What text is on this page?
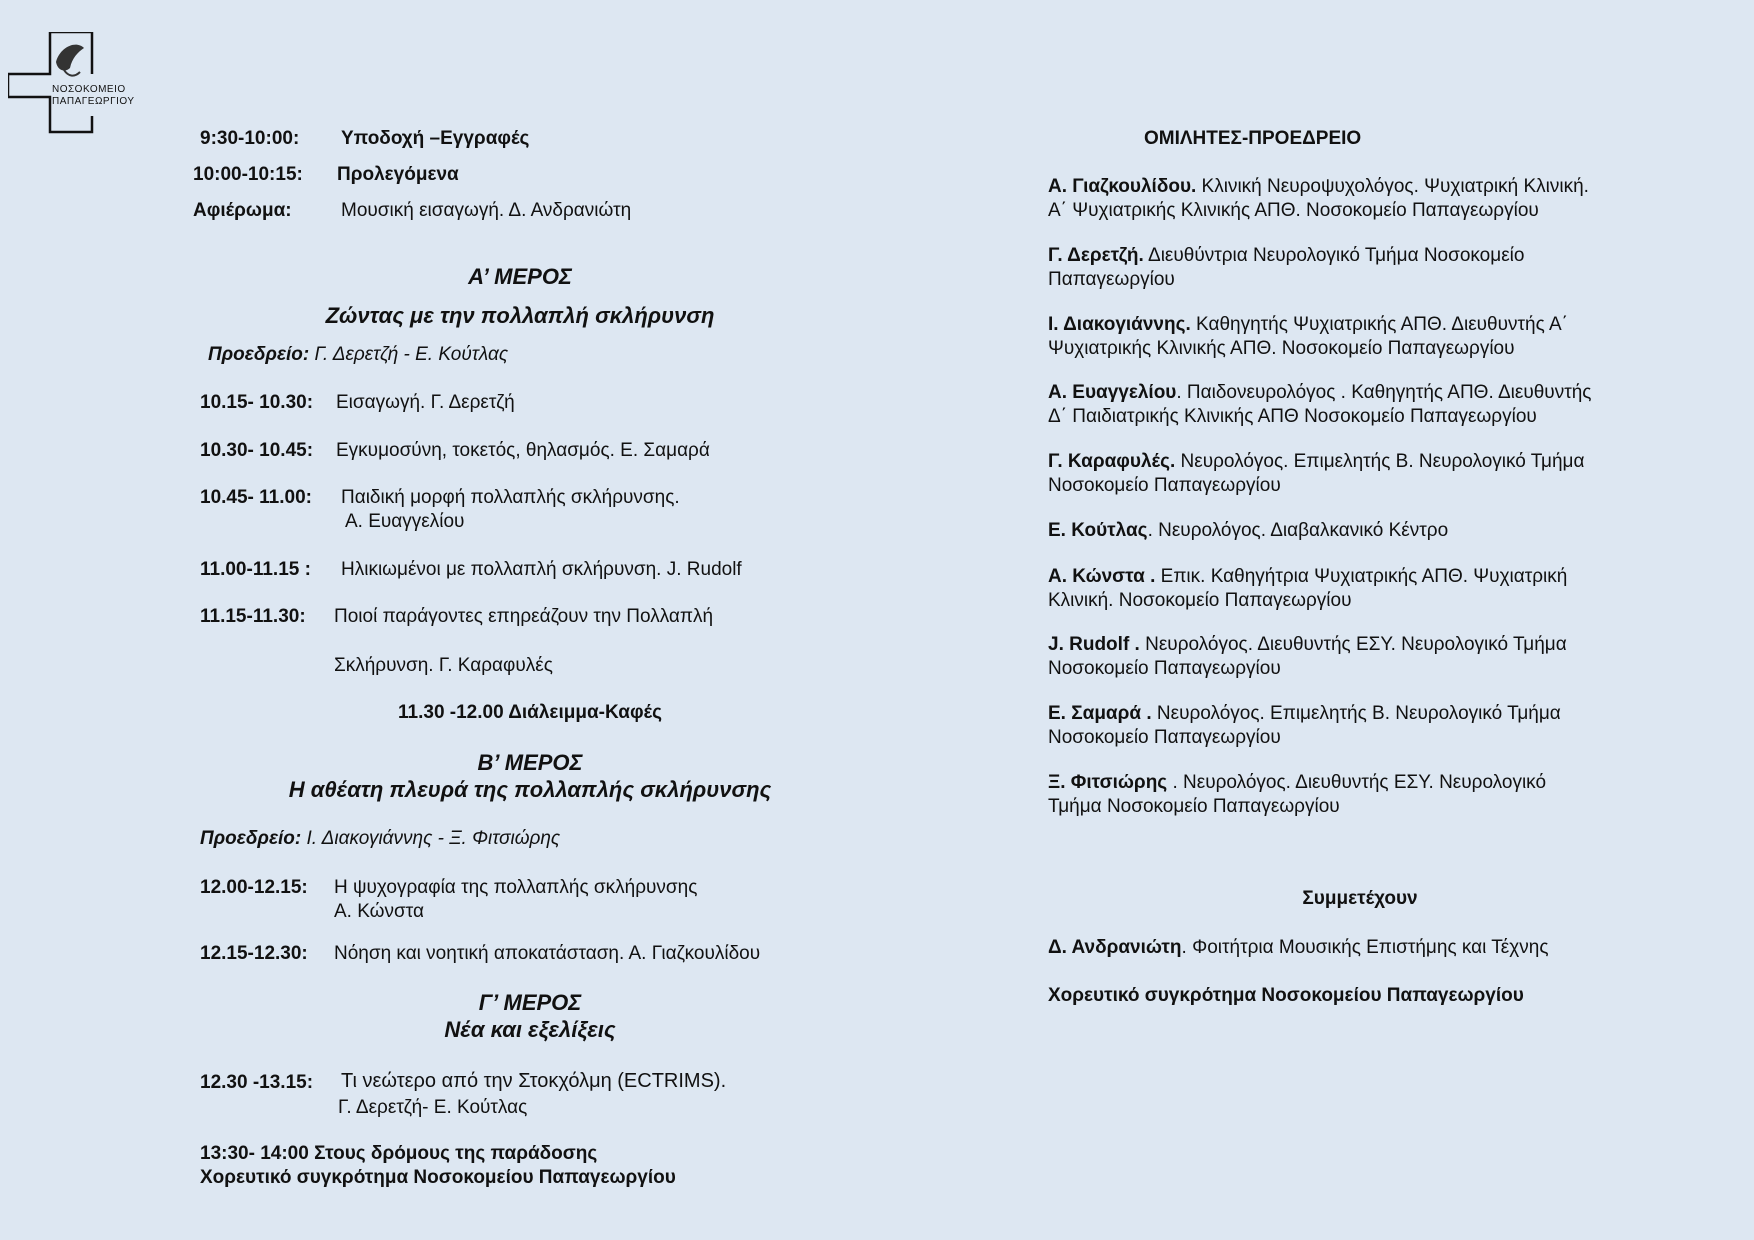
ΝΟΣΟΚΟΜΕΙΟ
ΠΑΠΑΓΕΩΡΓΙΟΥ
9:30-10:00: Υποδοχή –Εγγραφές
10:00-10:15: Προλεγόμενα
Αφιέρωμα:	Μουσική εισαγωγή. Δ. Ανδρανιώτη
Α’ ΜΕΡΟΣ
Ζώντας με την πολλαπλή σκλήρυνση
Προεδρείο: Γ. Δερετζή - Ε. Κούτλας
10.15- 10.30: Εισαγωγή. Γ. Δερετζή
10.30- 10.45: Εγκυμοσύνη, τοκετός, θηλασμός. Ε. Σαμαρά
10.45- 11.00: Παιδική μορφή πολλαπλής σκλήρυνσης.
Α. Ευαγγελίου
11.00-11.15 : Ηλικιωμένοι με πολλαπλή σκλήρυνση. J. Rudolf
11.15-11.30: Ποιοί παράγοντες επηρεάζουν την Πολλαπλή
Σκλήρυνση. Γ. Καραφυλές
11.30 -12.00 Διάλειμμα-Καφές
Β’ ΜΕΡΟΣ
Η αθέατη πλευρά της πολλαπλής σκλήρυνσης
Προεδρείο: Ι. Διακογιάννης - Ξ. Φιτσιώρης
12.00-12.15: Η ψυχογραφία της πολλαπλής σκλήρυνσης
Α. Κώνστα
12.15-12.30: Νόηση και νοητική αποκατάσταση. Α. Γιαζκουλίδου
Γ’ ΜΕΡΟΣ
Νέα και εξελίξεις
12.30 -13.15: Τι νεώτερο από την Στοκχόλμη (ECTRIMS).
Γ. Δερετζή- Ε. Κούτλας
13:30- 14:00 Στους δρόμους της παράδοσης
Χορευτικό συγκρότημα Νοσοκομείου Παπαγεωργίου
ΟΜΙΛΗΤΕΣ-ΠΡΟΕΔΡΕΙΟ
Α. Γιαζκουλίδου. Κλινική Νευροψυχολόγος. Ψυχιατρική Κλινική.
Α΄ Ψυχιατρικής Κλινικής ΑΠΘ. Νοσοκομείο Παπαγεωργίου
Γ. Δερετζή. Διευθύντρια Νευρολογικό Τμήμα Νοσοκομείο
Παπαγεωργίου
Ι. Διακογιάννης. Καθηγητής Ψυχιατρικής ΑΠΘ. Διευθυντής Α΄
Ψυχιατρικής Κλινικής ΑΠΘ. Νοσοκομείο Παπαγεωργίου
Α. Ευαγγελίου. Παιδονευρολόγος . Καθηγητής ΑΠΘ. Διευθυντής
Δ΄ Παιδιατρικής Κλινικής ΑΠΘ Νοσοκομείο Παπαγεωργίου
Γ. Καραφυλές. Νευρολόγος. Επιμελητής Β. Νευρολογικό Τμήμα
Νοσοκομείο Παπαγεωργίου
Ε. Κούτλας. Νευρολόγος. Διαβαλκανικό Κέντρο
Α. Κώνστα . Επικ. Καθηγήτρια Ψυχιατρικής ΑΠΘ. Ψυχιατρική
Κλινική. Νοσοκομείο Παπαγεωργίου
J. Rudolf . Νευρολόγος. Διευθυντής ΕΣΥ. Νευρολογικό Τμήμα
Νοσοκομείο Παπαγεωργίου
Ε. Σαμαρά . Νευρολόγος. Επιμελητής Β. Νευρολογικό Τμήμα
Νοσοκομείο Παπαγεωργίου
Ξ. Φιτσιώρης . Νευρολόγος. Διευθυντής ΕΣΥ. Νευρολογικό
Τμήμα Νοσοκομείο Παπαγεωργίου
Συμμετέχουν
Δ. Ανδρανιώτη. Φοιτήτρια Μουσικής Επιστήμης και Τέχνης
Χορευτικό συγκρότημα Νοσοκομείου Παπαγεωργίου
